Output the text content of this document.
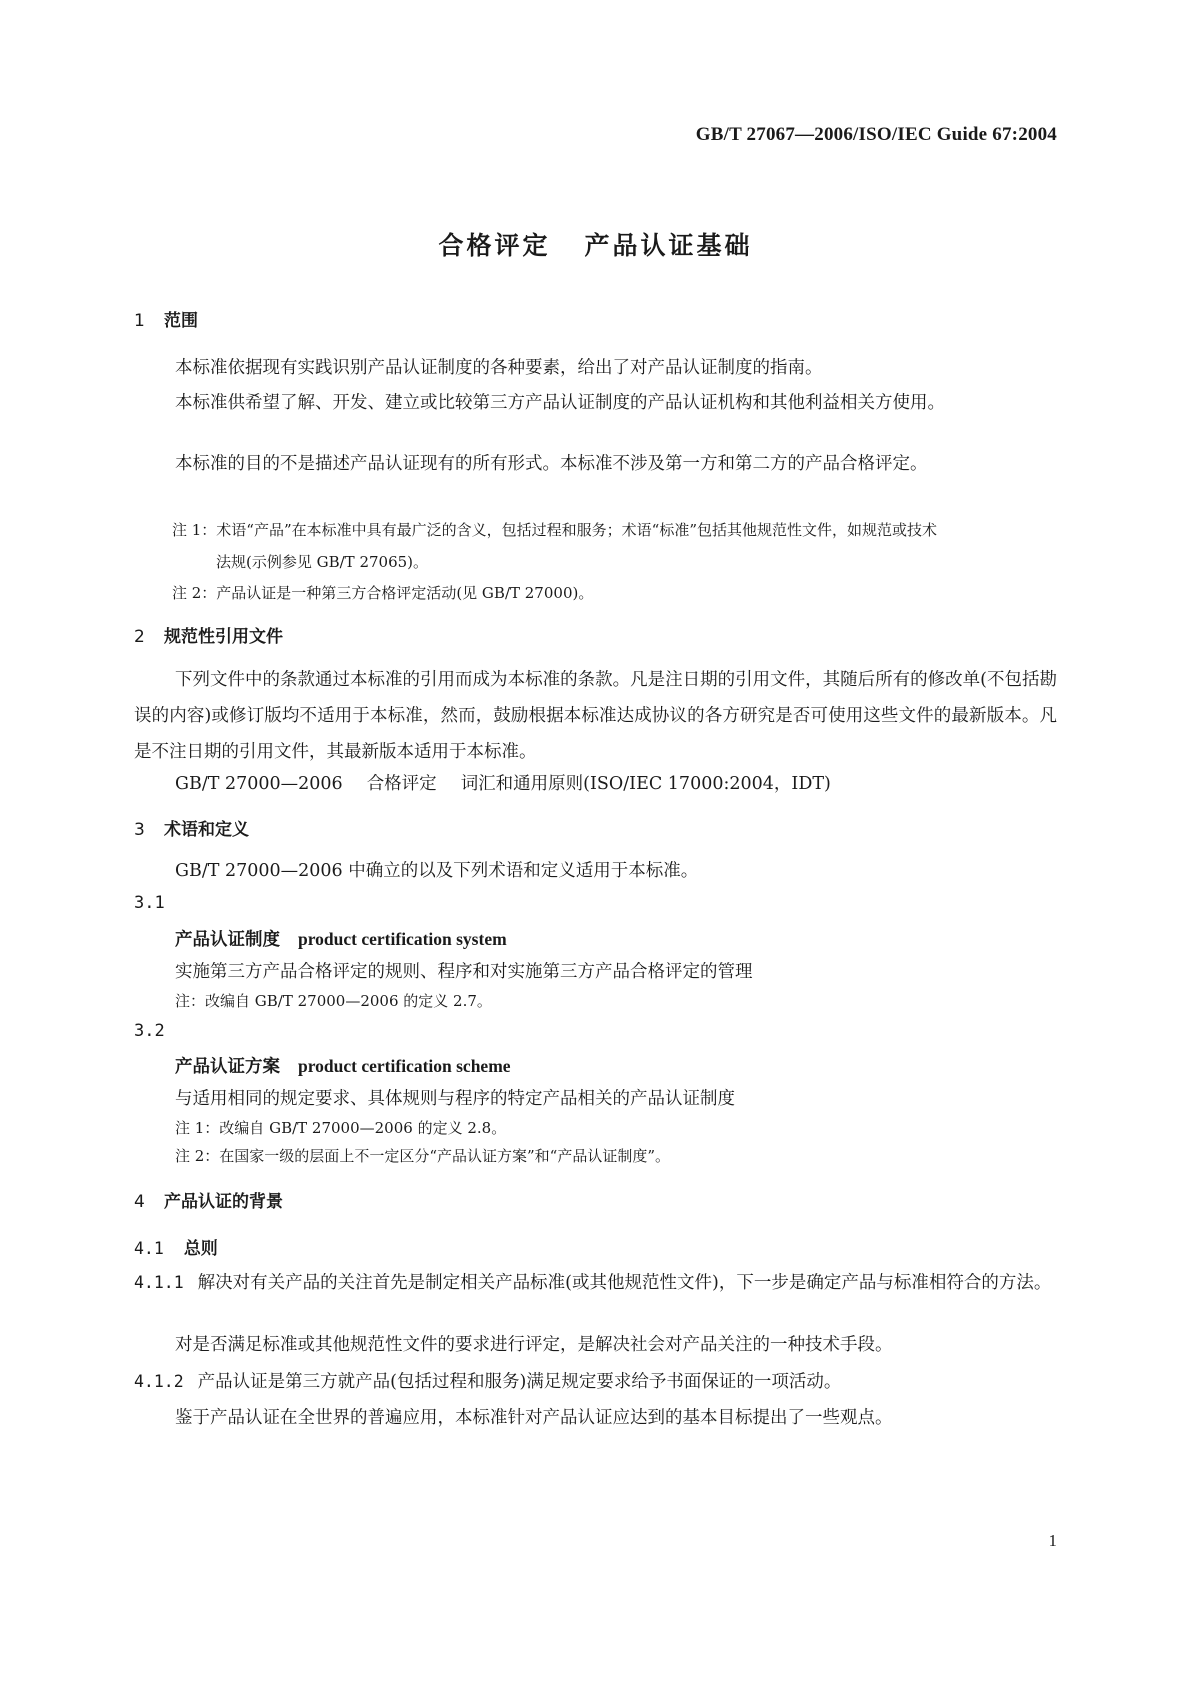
GB/T 27067—2006/ISO/IEC Guide 67:2004
合格评定 产品认证基础
1 范围
本标准依据现有实践识别产品认证制度的各种要素，给出了对产品认证制度的指南。
本标准供希望了解、开发、建立或比较第三方产品认证制度的产品认证机构和其他利益相关方使用。
本标准的目的不是描述产品认证现有的所有形式。本标准不涉及第一方和第二方的产品合格评定。
注 1：术语“产品”在本标准中具有最广泛的含义，包括过程和服务；术语“标准”包括其他规范性文件，如规范或技术
法规(示例参见 GB/T 27065)。
注 2：产品认证是一种第三方合格评定活动(见 GB/T 27000)。
2 规范性引用文件
下列文件中的条款通过本标准的引用而成为本标准的条款。凡是注日期的引用文件，其随后所有的修改单(不包括勘误的内容)或修订版均不适用于本标准，然而，鼓励根据本标准达成协议的各方研究是否可使用这些文件的最新版本。凡是不注日期的引用文件，其最新版本适用于本标准。
GB/T 27000—2006 合格评定 词汇和通用原则(ISO/IEC 17000:2004，IDT)
3 术语和定义
GB/T 27000—2006 中确立的以及下列术语和定义适用于本标准。
3.1
产品认证制度 product certification system
实施第三方产品合格评定的规则、程序和对实施第三方产品合格评定的管理
注：改编自 GB/T 27000—2006 的定义 2.7。
3.2
产品认证方案 product certification scheme
与适用相同的规定要求、具体规则与程序的特定产品相关的产品认证制度
注 1：改编自 GB/T 27000—2006 的定义 2.8。
注 2：在国家一级的层面上不一定区分“产品认证方案”和“产品认证制度”。
4 产品认证的背景
4.1 总则
4.1.1 解决对有关产品的关注首先是制定相关产品标准(或其他规范性文件)，下一步是确定产品与标准相符合的方法。
对是否满足标准或其他规范性文件的要求进行评定，是解决社会对产品关注的一种技术手段。
4.1.2 产品认证是第三方就产品(包括过程和服务)满足规定要求给予书面保证的一项活动。
鉴于产品认证在全世界的普遍应用，本标准针对产品认证应达到的基本目标提出了一些观点。
1
